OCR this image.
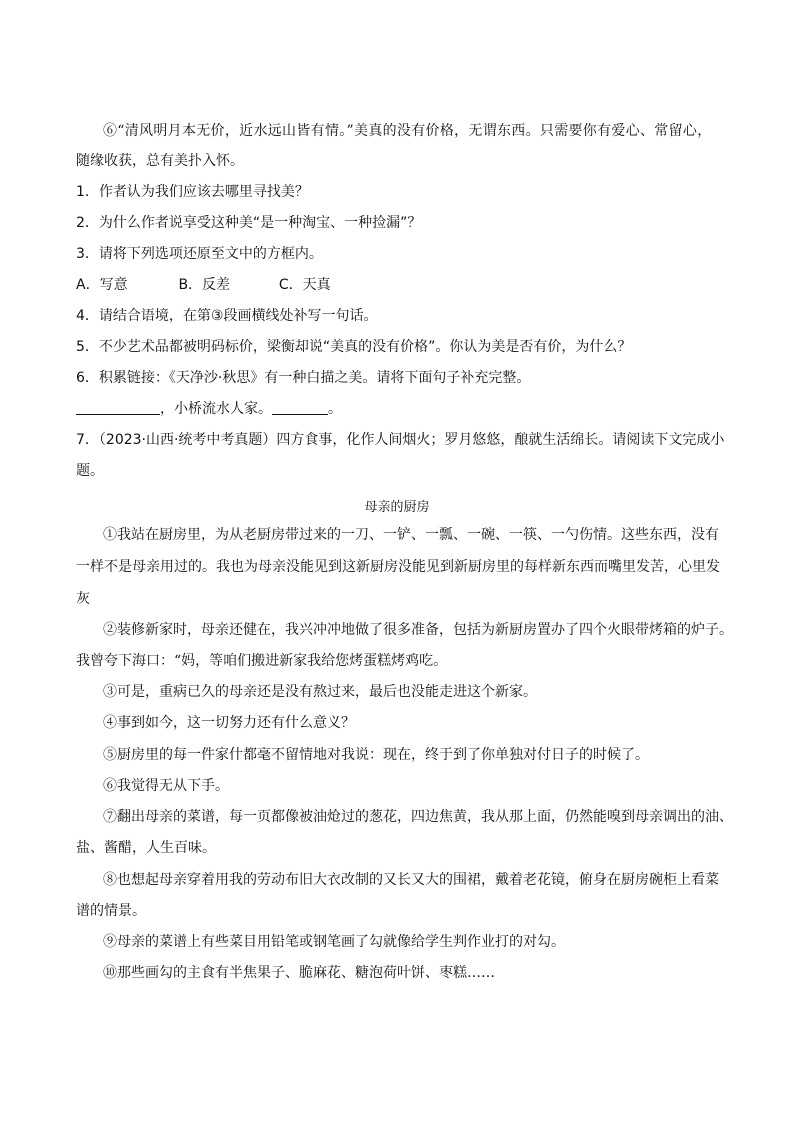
⑥“清风明月本无价，近水远山皆有情。”美真的没有价格，无谓东西。只需要你有爱心、常留心，
随缘收获，总有美扑入怀。
1．作者认为我们应该去哪里寻找美？
2．为什么作者说享受这种美“是一种淘宝、一种捡漏”？
3．请将下列选项还原至文中的方框内。
A．写意	B．反差	C．天真
4．请结合语境，在第③段画横线处补写一句话。
5．不少艺术品都被明码标价，梁衡却说“美真的没有价格”。你认为美是否有价，为什么？
6．积累链接：《天净沙·秋思》有一种白描之美。请将下面句子补充完整。
，小桥流水人家。	。
7．（2023·山西·统考中考真题）四方食事，化作人间烟火；罗月悠悠，酿就生活绵长。请阅读下文完成小
题。
母亲的厨房
①我站在厨房里，为从老厨房带过来的一刀、一铲、一瓢、一碗、一筷、一勺伤情。这些东西，没有
一样不是母亲用过的。我也为母亲没能见到这新厨房没能见到新厨房里的每样新东西而嘴里发苦，心里发
灰
②装修新家时，母亲还健在，我兴冲冲地做了很多准备，包括为新厨房置办了四个火眼带烤箱的炉子。
我曾夸下海口：“妈，等咱们搬进新家我给您烤蛋糕烤鸡吃。
③可是，重病已久的母亲还是没有熬过来，最后也没能走进这个新家。
④事到如今，这一切努力还有什么意义？
⑤厨房里的每一件家什都毫不留情地对我说：现在，终于到了你单独对付日子的时候了。
⑥我觉得无从下手。
⑦翻出母亲的菜谱，每一页都像被油炝过的葱花，四边焦黄，我从那上面，仍然能嗅到母亲调出的油、
盐、酱醋，人生百味。
⑧也想起母亲穿着用我的劳动布旧大衣改制的又长又大的围裙，戴着老花镜，俯身在厨房碗柜上看菜
谱的情景。
⑨母亲的菜谱上有些菜目用铅笔或钢笔画了勾就像给学生判作业打的对勾。
⑩那些画勾的主食有半焦果子、脆麻花、糖泡荷叶饼、枣糕……
